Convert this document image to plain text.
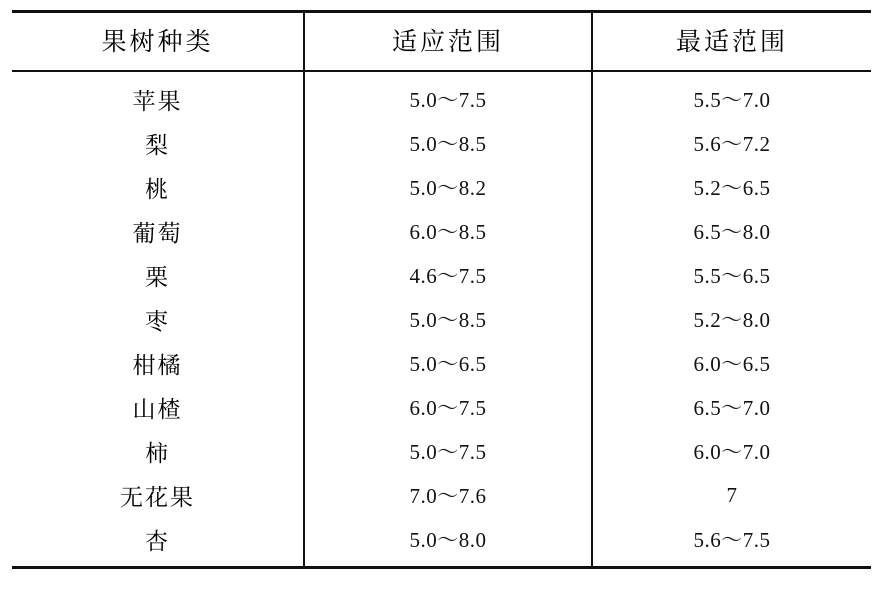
果树种类	适应范围	最适范围
苹果	5.0～7.5	5.5～7.0
梨	5.0～8.5	5.6～7.2
桃	5.0～8.2	5.2～6.5
葡萄	6.0～8.5	6.5～8.0
栗	4.6～7.5	5.5～6.5
枣	5.0～8.5	5.2～8.0
柑橘	5.0～6.5	6.0～6.5
山楂	6.0～7.5	6.5～7.0
柿	5.0～7.5	6.0～7.0
无花果	7.0～7.6	7
杏	5.0～8.0	5.6～7.5
